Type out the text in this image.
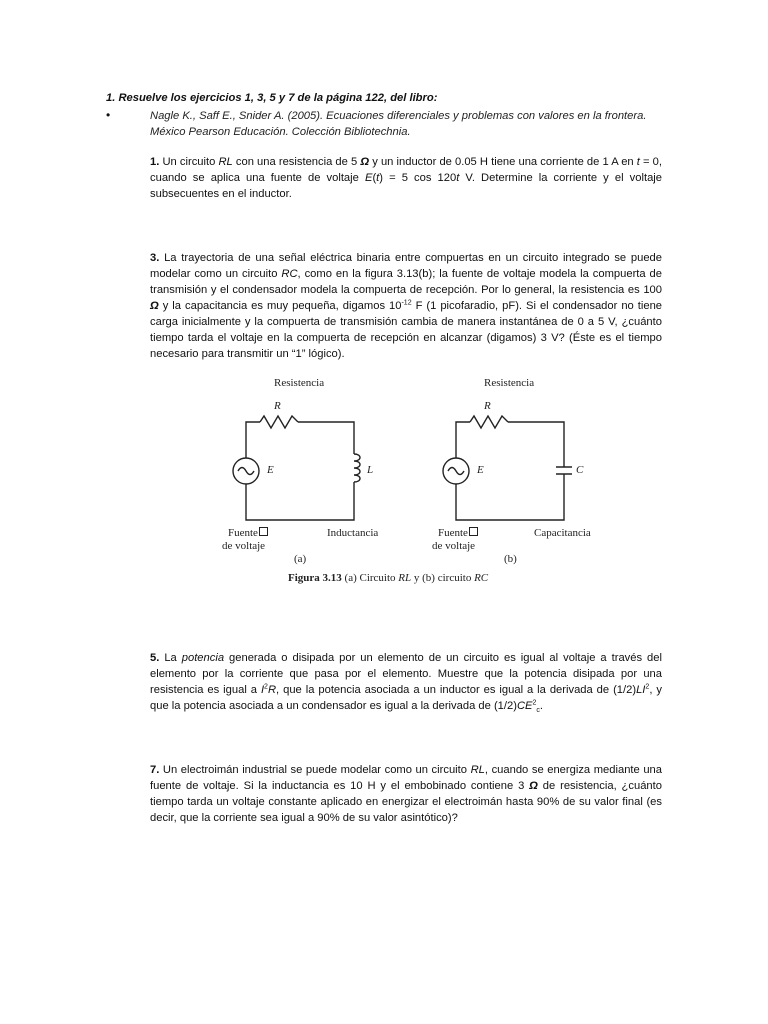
1. Resuelve los ejercicios 1, 3, 5 y 7 de la página 122, del libro:
•	Nagle K., Saff E., Snider A. (2005). Ecuaciones diferenciales y problemas con valores en la frontera. México Pearson Educación. Colección Bibliotechnia.
1. Un circuito RL con una resistencia de 5 Ω y un inductor de 0.05 H tiene una corriente de 1 A en t = 0, cuando se aplica una fuente de voltaje E(t) = 5 cos 120t V. Determine la corriente y el voltaje subsecuentes en el inductor.
3. La trayectoria de una señal eléctrica binaria entre compuertas en un circuito integrado se puede modelar como un circuito RC, como en la figura 3.13(b); la fuente de voltaje modela la compuerta de transmisión y el condensador modela la compuerta de recepción. Por lo general, la resistencia es 100 Ω y la capacitancia es muy pequeña, digamos $10^{-12}$ F (1 picofaradio, pF). Si el condensador no tiene carga inicialmente y la compuerta de transmisión cambia de manera instantánea de 0 a 5 V, ¿cuánto tiempo tarda el voltaje en la compuerta de recepción en alcanzar (digamos) 3 V? (Éste es el tiempo necesario para transmitir un “1” lógico).
Resistencia
R
E	L
Fuente
de voltaje
Inductancia
(a)
Resistencia
R
E	C
Fuente
de voltaje
Capacitancia
(b)
Figura 3.13 (a) Circuito RL y (b) circuito RC
5. La potencia generada o disipada por un elemento de un circuito es igual al voltaje a través del elemento por la corriente que pasa por el elemento. Muestre que la potencia disipada por una resistencia es igual a $I^2R$, que la potencia asociada a un inductor es igual a la derivada de $(1/2)LI^2$, y que la potencia asociada a un condensador es igual a la derivada de $(1/2)CE^2_c$.
7. Un electroimán industrial se puede modelar como un circuito RL, cuando se energiza mediante una fuente de voltaje. Si la inductancia es 10 H y el embobinado contiene 3 Ω de resistencia, ¿cuánto tiempo tarda un voltaje constante aplicado en energizar el electroimán hasta 90% de su valor final (es decir, que la corriente sea igual a 90% de su valor asintótico)?
